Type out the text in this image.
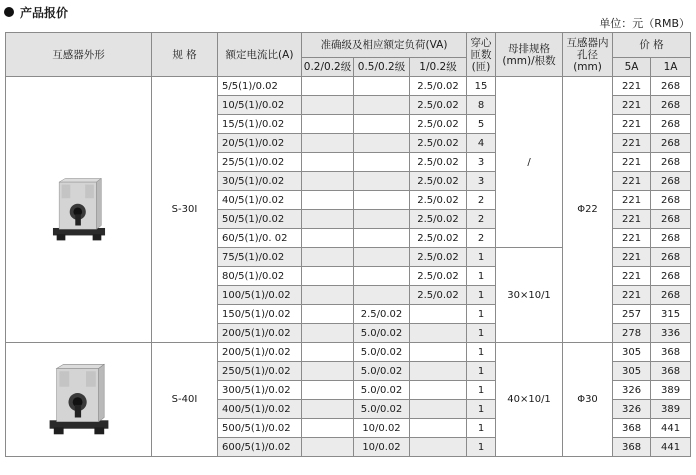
产品报价
单位：元（RMB）
互感器外形	规 格	额定电流比(A)	准确级及相应额定负荷(VA)			穿心匝数(匝)	母排规格(mm)/根数	互感器内孔径(mm)	价 格	
			0.2/0.2级	0.5/0.2级	1/0.2级				5A	1A

	S-30I	5/5(1)/0.02			2.5/0.02	15	/	Φ22	221	268
		10/5(1)/0.02			2.5/0.02	8			221	268
		15/5(1)/0.02			2.5/0.02	5			221	268
		20/5(1)/0.02			2.5/0.02	4			221	268
		25/5(1)/0.02			2.5/0.02	3			221	268
		30/5(1)/0.02			2.5/0.02	3			221	268
		40/5(1)/0.02			2.5/0.02	2			221	268
		50/5(1)/0.02			2.5/0.02	2			221	268
		60/5(1)/0. 02			2.5/0.02	2			221	268
		75/5(1)/0.02			2.5/0.02	1	30×10/1		221	268
		80/5(1)/0.02			2.5/0.02	1			221	268
		100/5(1)/0.02			2.5/0.02	1			221	268
		150/5(1)/0.02		2.5/0.02		1			257	315
		200/5(1)/0.02		5.0/0.02		1			278	336

	S-40I	200/5(1)/0.02		5.0/0.02		1	40×10/1	Φ30	305	368
		250/5(1)/0.02		5.0/0.02		1			305	368
		300/5(1)/0.02		5.0/0.02		1			326	389
		400/5(1)/0.02		5.0/0.02		1			326	389
		500/5(1)/0.02		10/0.02		1			368	441
		600/5(1)/0.02		10/0.02		1			368	441
